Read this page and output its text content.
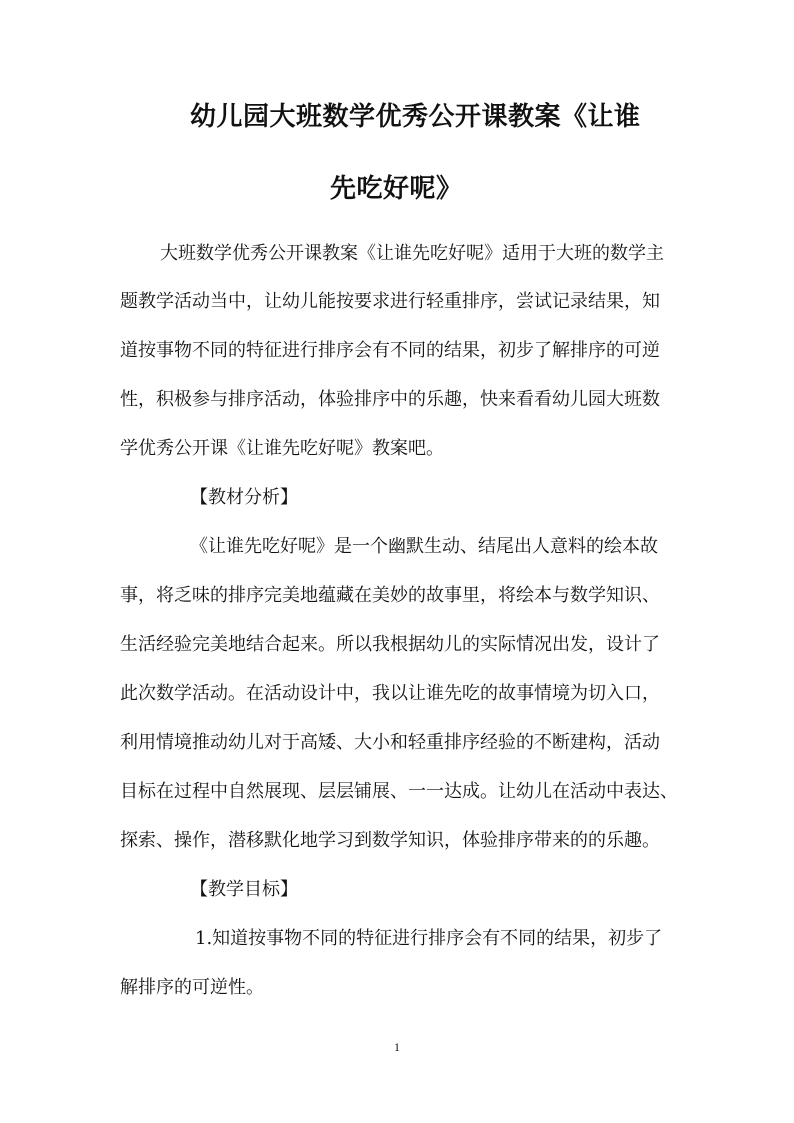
幼儿园大班数学优秀公开课教案《让谁
先吃好呢》
大班数学优秀公开课教案《让谁先吃好呢》适用于大班的数学主
题教学活动当中，让幼儿能按要求进行轻重排序，尝试记录结果，知
道按事物不同的特征进行排序会有不同的结果，初步了解排序的可逆
性，积极参与排序活动，体验排序中的乐趣，快来看看幼儿园大班数
学优秀公开课《让谁先吃好呢》教案吧。
【教材分析】
《让谁先吃好呢》是一个幽默生动、结尾出人意料的绘本故
事，将乏味的排序完美地蕴藏在美妙的故事里，将绘本与数学知识、
生活经验完美地结合起来。所以我根据幼儿的实际情况出发，设计了
此次数学活动。在活动设计中，我以让谁先吃的故事情境为切入口，
利用情境推动幼儿对于高矮、大小和轻重排序经验的不断建构，活动
目标在过程中自然展现、层层铺展、一一达成。让幼儿在活动中表达、
探索、操作，潜移默化地学习到数学知识，体验排序带来的的乐趣。
【教学目标】
1.知道按事物不同的特征进行排序会有不同的结果，初步了
解排序的可逆性。
1
